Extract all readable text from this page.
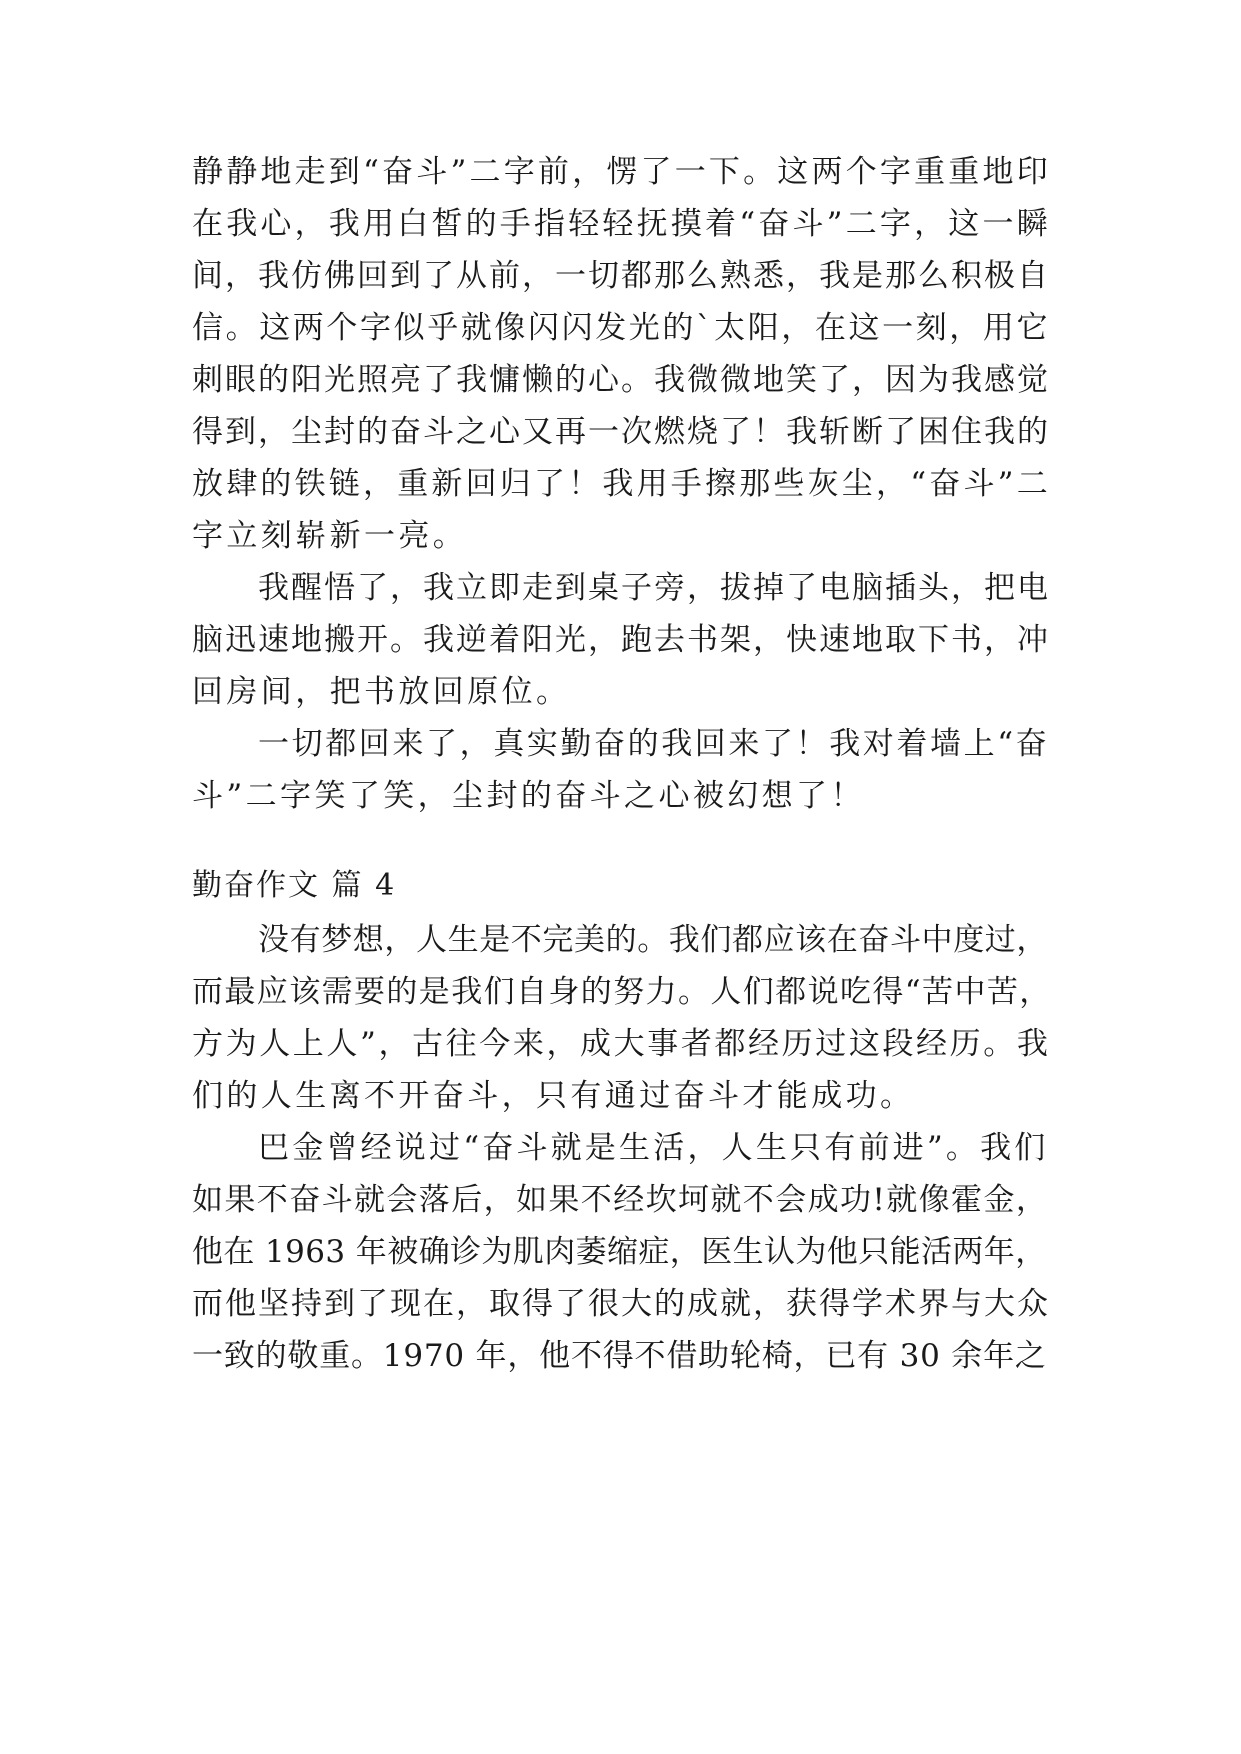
静静地走到“奋斗”二字前，愣了一下。这两个字重重地印
在我心，我用白皙的手指轻轻抚摸着“奋斗”二字，这一瞬
间，我仿佛回到了从前，一切都那么熟悉，我是那么积极自
信。这两个字似乎就像闪闪发光的`太阳，在这一刻，用它
刺眼的阳光照亮了我慵懒的心。我微微地笑了，因为我感觉
得到，尘封的奋斗之心又再一次燃烧了！我斩断了困住我的
放肆的铁链，重新回归了！我用手擦那些灰尘，“奋斗”二
字立刻崭新一亮。
我醒悟了，我立即走到桌子旁，拔掉了电脑插头，把电
脑迅速地搬开。我逆着阳光，跑去书架，快速地取下书，冲
回房间，把书放回原位。
一切都回来了，真实勤奋的我回来了！我对着墙上“奋
斗”二字笑了笑，尘封的奋斗之心被幻想了！
勤奋作文 篇 4
没有梦想，人生是不完美的。我们都应该在奋斗中度过，
而最应该需要的是我们自身的努力。人们都说吃得“苦中苦，
方为人上人”，古往今来，成大事者都经历过这段经历。我
们的人生离不开奋斗，只有通过奋斗才能成功。
巴金曾经说过“奋斗就是生活，人生只有前进”。我们
如果不奋斗就会落后，如果不经坎坷就不会成功!就像霍金，
他在 1963 年被确诊为肌肉萎缩症，医生认为他只能活两年，
而他坚持到了现在，取得了很大的成就，获得学术界与大众
一致的敬重。1970 年，他不得不借助轮椅，已有 30 余年之
